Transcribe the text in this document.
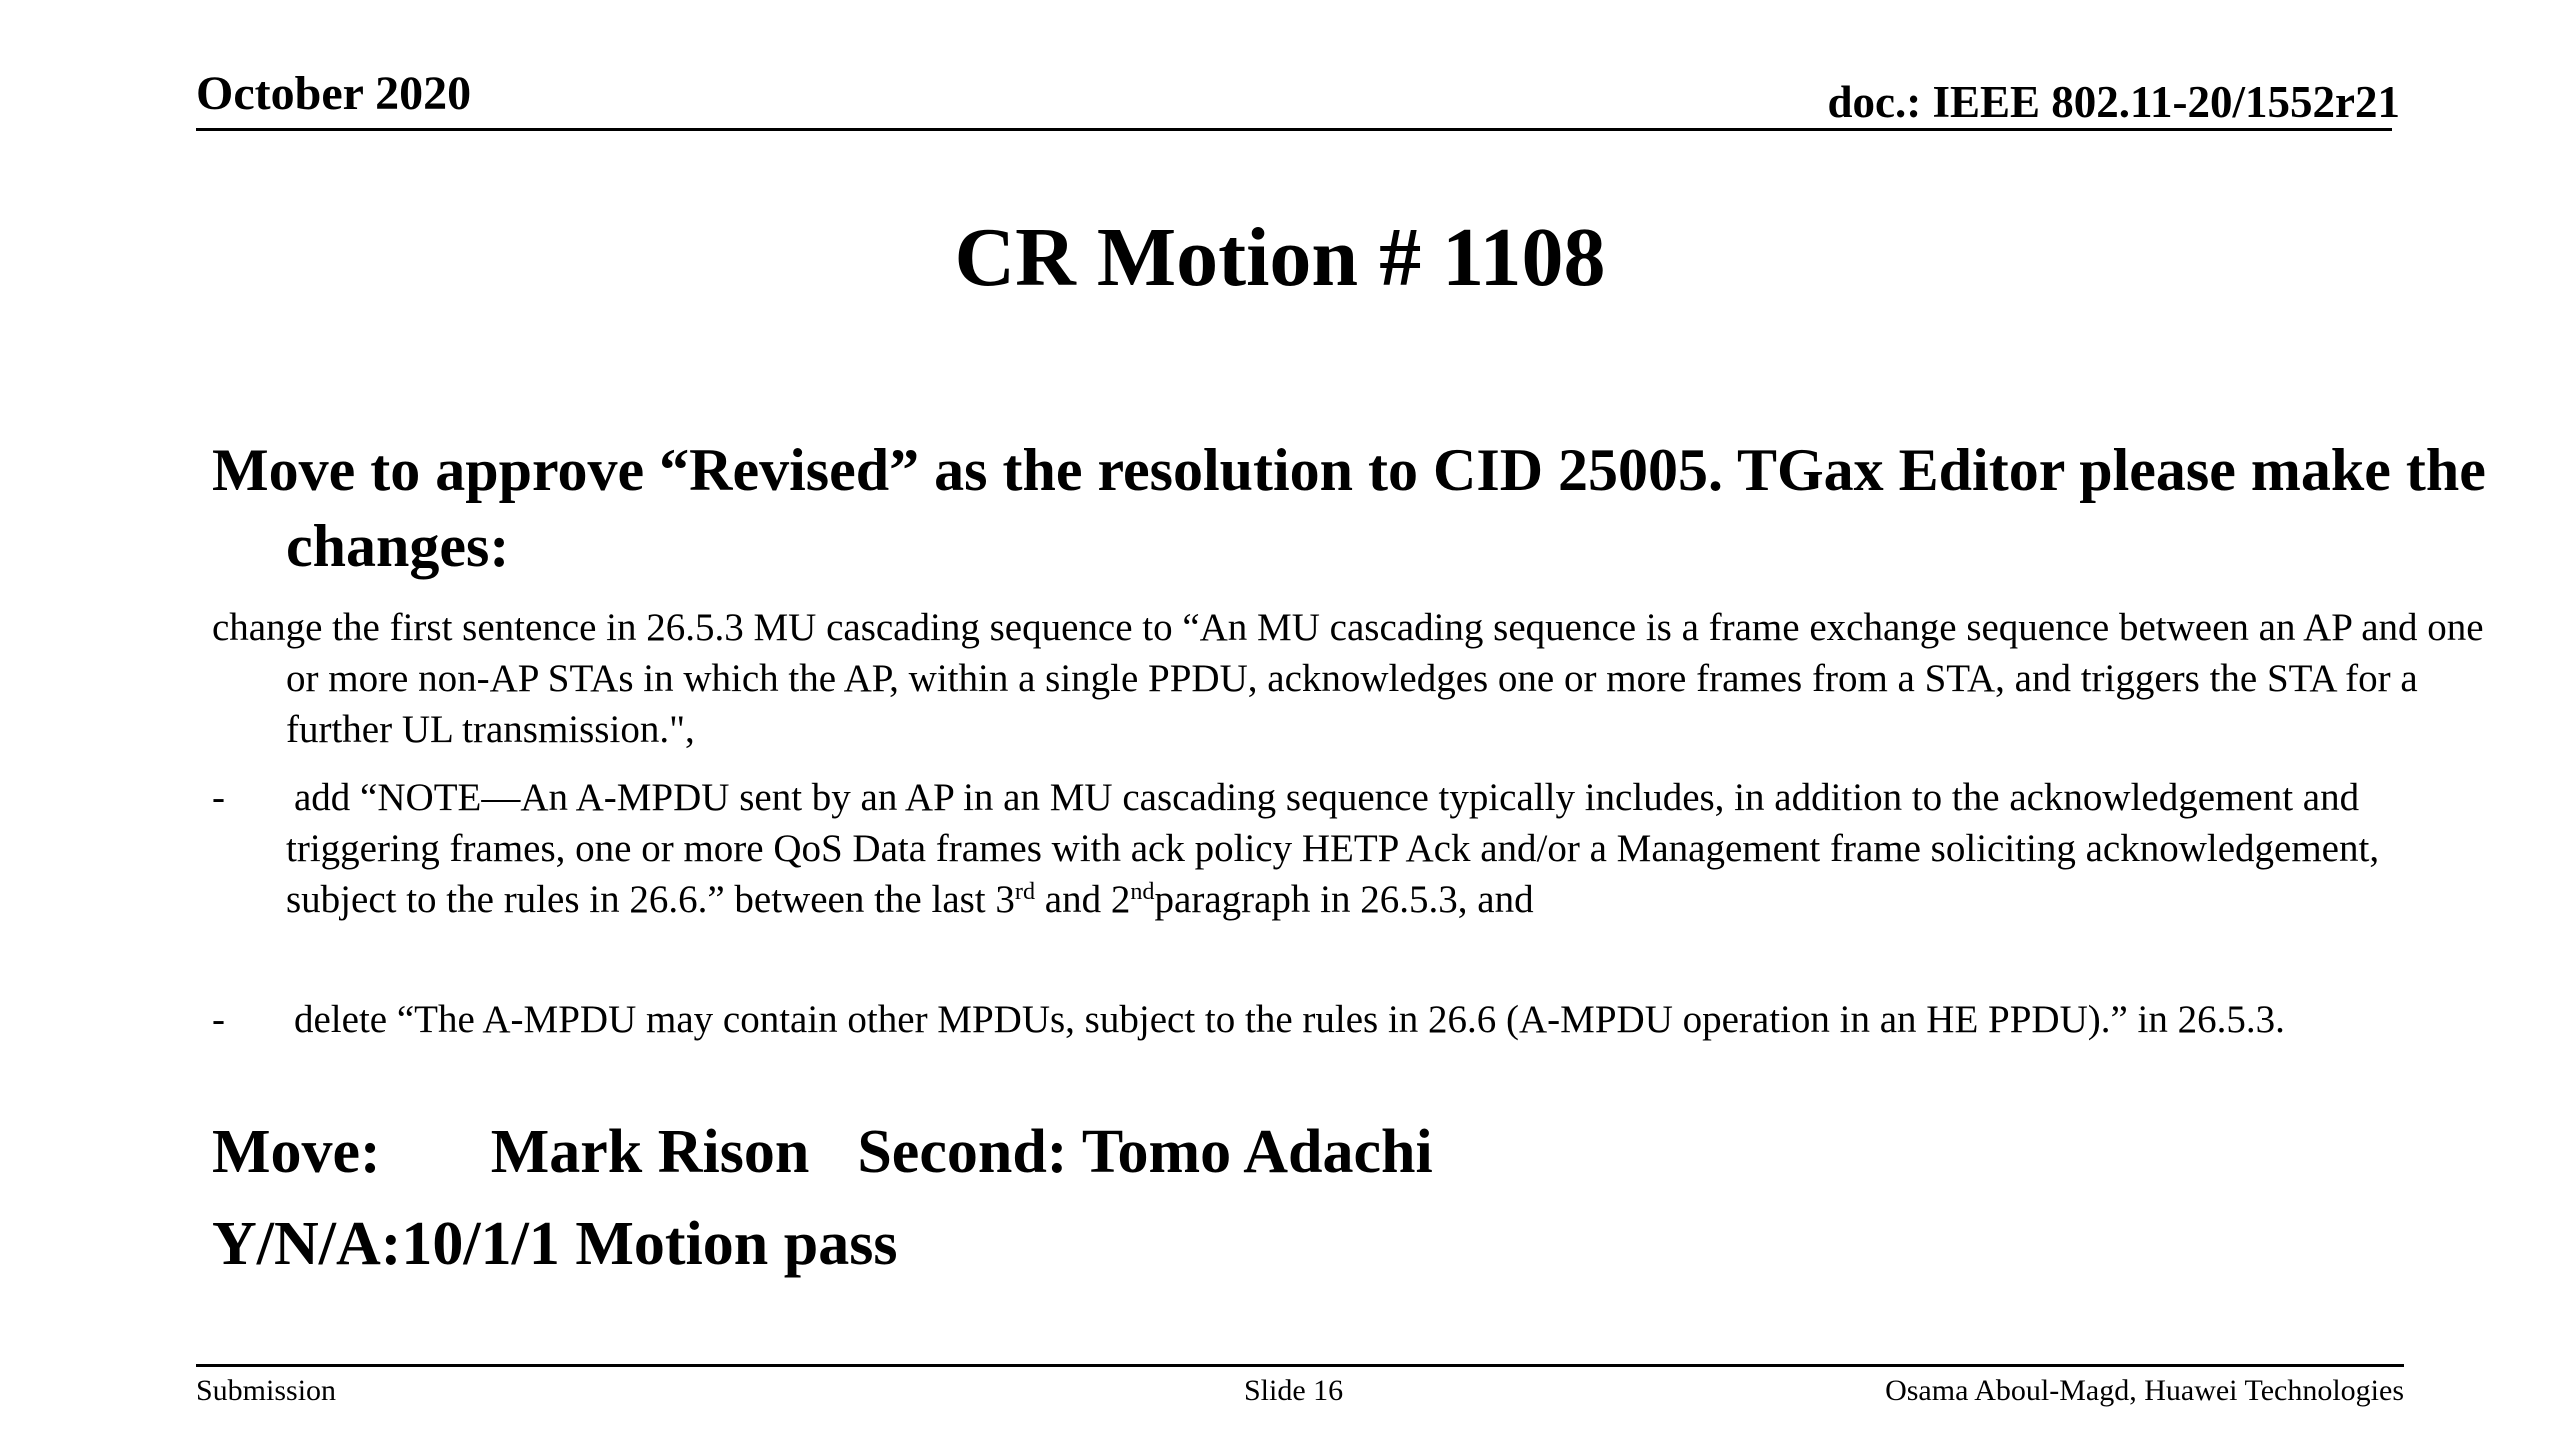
October 2020	doc.: IEEE 802.11-20/1552r21
CR Motion # 1108
Move to approve “Revised” as the resolution to CID 25005. TGax Editor please make the changes:
change the first sentence in 26.5.3 MU cascading sequence to “An MU cascading sequence is a frame exchange sequence between an AP and one or more non-AP STAs in which the AP, within a single PPDU, acknowledges one or more frames from a STA, and triggers the STA for a further UL transmission.",
- add “NOTE—An A-MPDU sent by an AP in an MU cascading sequence typically includes, in addition to the acknowledgement and triggering frames, one or more QoS Data frames with ack policy HETP Ack and/or a Management frame soliciting acknowledgement, subject to the rules in 26.6.” between the last 3rd and 2ndparagraph in 26.5.3, and
- delete “The A-MPDU may contain other MPDUs, subject to the rules in 26.6 (A-MPDU operation in an HE PPDU).” in 26.5.3.
Move: Mark Rison Second: Tomo Adachi
Y/N/A:10/1/1 Motion pass
Submission	Slide 16	Osama Aboul-Magd, Huawei Technologies
